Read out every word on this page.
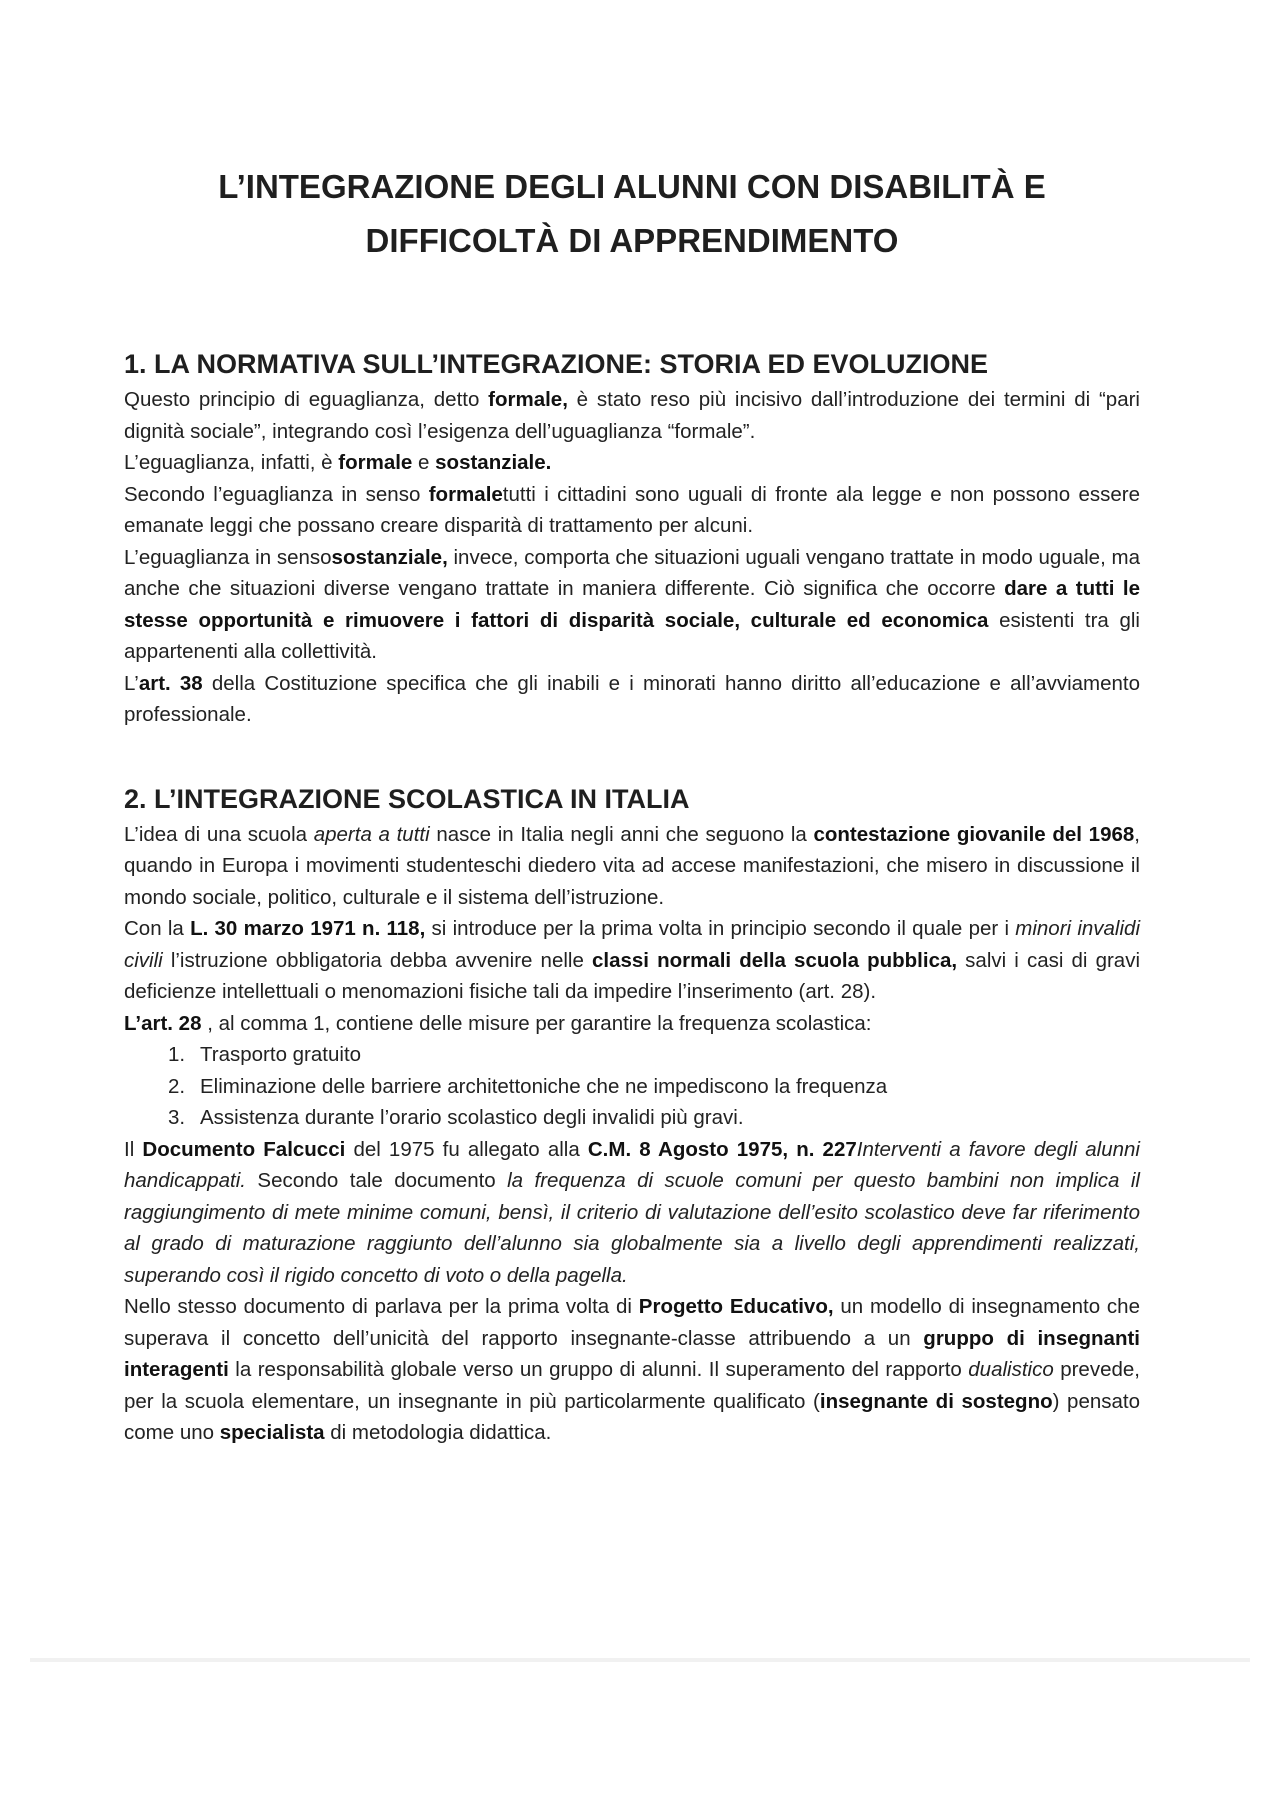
L’INTEGRAZIONE DEGLI ALUNNI CON DISABILITÀ E
DIFFICOLTÀ DI APPRENDIMENTO
1. LA NORMATIVA SULL’INTEGRAZIONE: STORIA ED EVOLUZIONE

Questo principio di eguaglianza, detto formale, è stato reso più incisivo dall’introduzione dei termini di “pari dignità sociale”, integrando così l’esigenza dell’uguaglianza “formale”.

L’eguaglianza, infatti, è formale e sostanziale.

Secondo l’eguaglianza in senso formaletutti i cittadini sono uguali di fronte ala legge e non possono essere emanate leggi che possano creare disparità di trattamento per alcuni.

L’eguaglianza in sensosostanziale, invece, comporta che situazioni uguali vengano trattate in modo uguale, ma anche che situazioni diverse vengano trattate in maniera differente. Ciò significa che occorre dare a tutti le stesse opportunità e rimuovere i fattori di disparità sociale, culturale ed economica esistenti tra gli appartenenti alla collettività.

L’art. 38 della Costituzione specifica che gli inabili e i minorati hanno diritto all’educazione e all’avviamento professionale.

2. L’INTEGRAZIONE SCOLASTICA IN ITALIA

L’idea di una scuola aperta a tutti nasce in Italia negli anni che seguono la contestazione giovanile del 1968, quando in Europa i movimenti studenteschi diedero vita ad accese manifestazioni, che misero in discussione il mondo sociale, politico, culturale e il sistema dell’istruzione.

Con la L. 30 marzo 1971 n. 118, si introduce per la prima volta in principio secondo il quale per i minori invalidi civili l’istruzione obbligatoria debba avvenire nelle classi normali della scuola pubblica, salvi i casi di gravi deficienze intellettuali o menomazioni fisiche tali da impedire l’inserimento (art. 28).

L’art. 28 , al comma 1, contiene delle misure per garantire la frequenza scolastica:

1. Trasporto gratuito
2. Eliminazione delle barriere architettoniche che ne impediscono la frequenza
3. Assistenza durante l’orario scolastico degli invalidi più gravi.

Il Documento Falcucci del 1975 fu allegato alla C.M. 8 Agosto 1975, n. 227Interventi a favore degli alunni handicappati. Secondo tale documento la frequenza di scuole comuni per questo bambini non implica il raggiungimento di mete minime comuni, bensì, il criterio di valutazione dell’esito scolastico deve far riferimento al grado di maturazione raggiunto dell’alunno sia globalmente sia a livello degli apprendimenti realizzati, superando così il rigido concetto di voto o della pagella.

Nello stesso documento di parlava per la prima volta di Progetto Educativo, un modello di insegnamento che superava il concetto dell’unicità del rapporto insegnante-classe attribuendo a un gruppo di insegnanti interagenti la responsabilità globale verso un gruppo di alunni. Il superamento del rapporto dualistico prevede, per la scuola elementare, un insegnante in più particolarmente qualificato (insegnante di sostegno) pensato come uno specialista di metodologia didattica.
